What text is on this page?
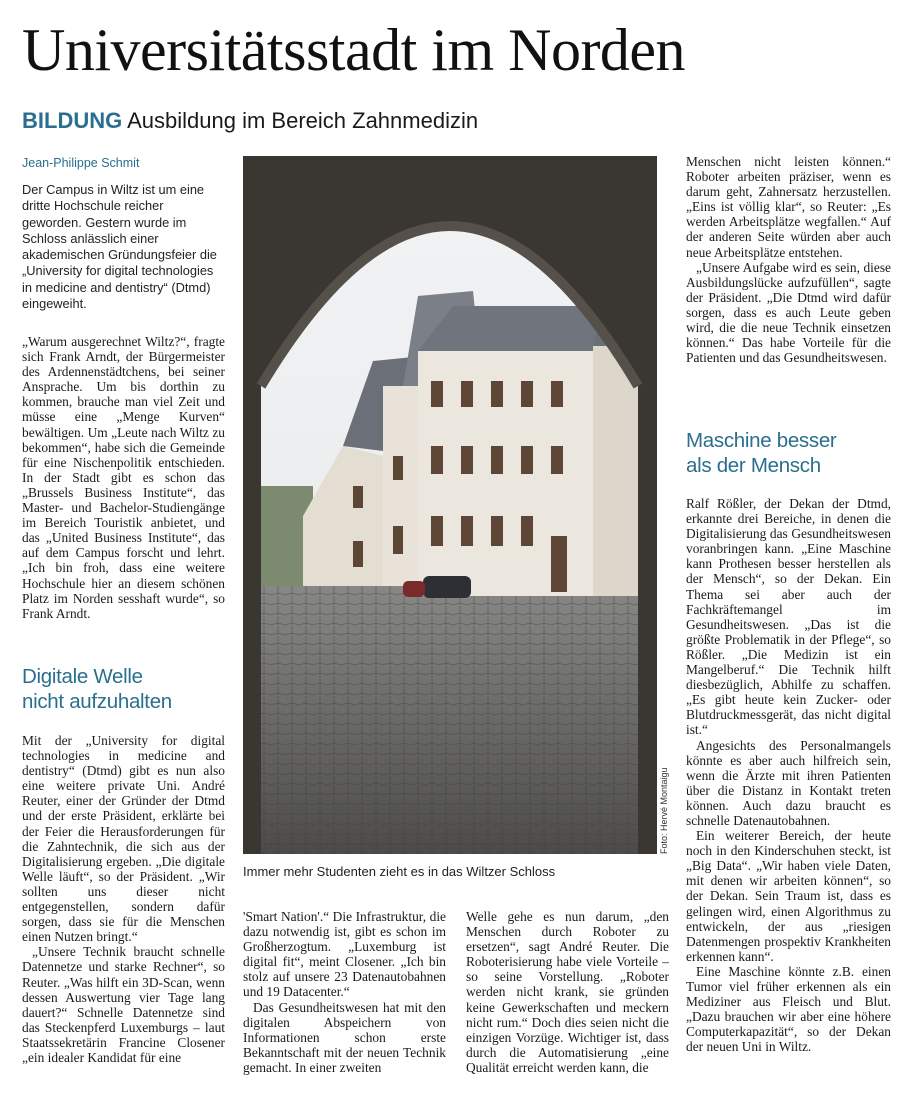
Universitätsstadt im Norden
BILDUNG Ausbildung im Bereich Zahnmedizin
Jean-Philippe Schmit

Der Campus in Wiltz ist um eine dritte Hochschule reicher geworden. Gestern wurde im Schloss anlässlich einer akademischen Gründungsfeier die „University for digital technologies in medicine and dentistry“ (Dtmd) eingeweiht.

„Warum ausgerechnet Wiltz?“, fragte sich Frank Arndt, der Bürgermeister des Ardennenstädtchens, bei seiner Ansprache. Um bis dorthin zu kommen, brauche man viel Zeit und müsse eine „Menge Kurven“ bewältigen. Um „Leute nach Wiltz zu bekommen“, habe sich die Gemeinde für eine Nischenpolitik entschieden. In der Stadt gibt es schon das „Brussels Business Institute“, das Master- und Bachelor-Studiengänge im Bereich Touristik anbietet, und das „United Business Institute“, das auf dem Campus forscht und lehrt. „Ich bin froh, dass eine weitere Hochschule hier an diesem schönen Platz im Norden sesshaft wurde“, so Frank Arndt.

Digitale Welle
nicht aufzuhalten

Mit der „University for digital technologies in medicine and dentistry“ (Dtmd) gibt es nun also eine weitere private Uni. André Reuter, einer der Gründer der Dtmd und der erste Präsident, erklärte bei der Feier die Herausforderungen für die Zahntechnik, die sich aus der Digitalisierung ergeben. „Die digitale Welle läuft“, so der Präsident. „Wir sollten uns dieser nicht entgegenstellen, sondern dafür sorgen, dass sie für die Menschen einen Nutzen bringt.“

„Unsere Technik braucht schnelle Datennetze und starke Rechner“, so Reuter. „Was hilft ein 3D-Scan, wenn dessen Auswertung vier Tage lang dauert?“ Schnelle Datennetze sind das Steckenpferd Luxemburgs – laut Staatssekretärin Francine Closener „ein idealer Kandidat für eine

Foto: Hervé Montaigu
Immer mehr Studenten zieht es in das Wiltzer Schloss

'Smart Nation'.“ Die Infrastruktur, die dazu notwendig ist, gibt es schon im Großherzogtum. „Luxemburg ist digital fit“, meint Closener. „Ich bin stolz auf unsere 23 Datenautobahnen und 19 Datacenter.“

Das Gesundheitswesen hat mit den digitalen Abspeichern von Informationen schon erste Bekanntschaft mit der neuen Technik gemacht. In einer zweiten

Welle gehe es nun darum, „den Menschen durch Roboter zu ersetzen“, sagt André Reuter. Die Roboterisierung habe viele Vorteile – so seine Vorstellung. „Roboter werden nicht krank, sie gründen keine Gewerkschaften und meckern nicht rum.“ Doch dies seien nicht die einzigen Vorzüge. Wichtiger ist, dass durch die Automatisierung „eine Qualität erreicht werden kann, die

Menschen nicht leisten können.“ Roboter arbeiten präziser, wenn es darum geht, Zahnersatz herzustellen. „Eins ist völlig klar“, so Reuter: „Es werden Arbeitsplätze wegfallen.“ Auf der anderen Seite würden aber auch neue Arbeitsplätze entstehen.

„Unsere Aufgabe wird es sein, diese Ausbildungslücke aufzufüllen“, sagte der Präsident. „Die Dtmd wird dafür sorgen, dass es auch Leute geben wird, die die neue Technik einsetzen können.“ Das habe Vorteile für die Patienten und das Gesundheitswesen.

Maschine besser
als der Mensch

Ralf Rößler, der Dekan der Dtmd, erkannte drei Bereiche, in denen die Digitalisierung das Gesundheitswesen voranbringen kann. „Eine Maschine kann Prothesen besser herstellen als der Mensch“, so der Dekan. Ein Thema sei aber auch der Fachkräftemangel im Gesundheitswesen. „Das ist die größte Problematik in der Pflege“, so Rößler. „Die Medizin ist ein Mangelberuf.“ Die Technik hilft diesbezüglich, Abhilfe zu schaffen. „Es gibt heute kein Zucker- oder Blutdruckmessgerät, das nicht digital ist.“

Angesichts des Personalmangels könnte es aber auch hilfreich sein, wenn die Ärzte mit ihren Patienten über die Distanz in Kontakt treten können. Auch dazu braucht es schnelle Datenautobahnen.

Ein weiterer Bereich, der heute noch in den Kinderschuhen steckt, ist „Big Data“. „Wir haben viele Daten, mit denen wir arbeiten können“, so der Dekan. Sein Traum ist, dass es gelingen wird, einen Algorithmus zu entwickeln, der aus „riesigen Datenmengen prospektiv Krankheiten erkennen kann“.

Eine Maschine könnte z.B. einen Tumor viel früher erkennen als ein Mediziner aus Fleisch und Blut. „Dazu brauchen wir aber eine höhere Computerkapazität“, so der Dekan der neuen Uni in Wiltz.
